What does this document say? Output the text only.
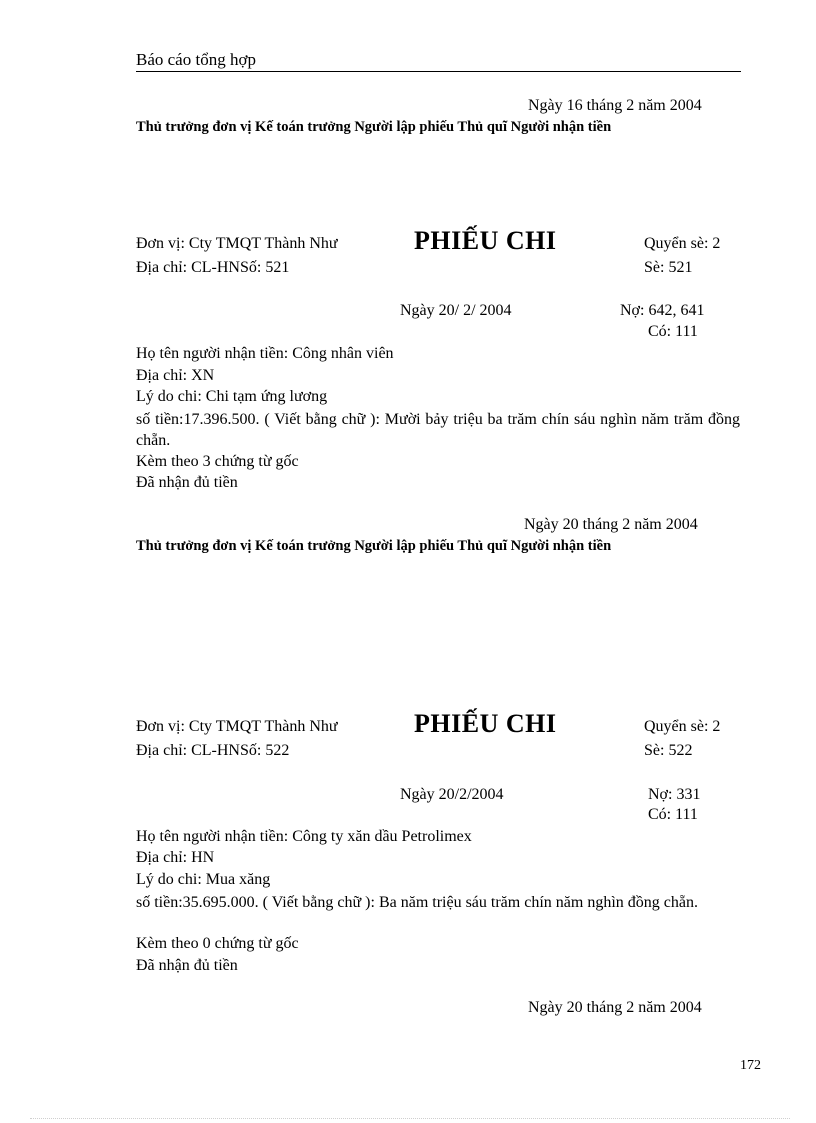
Báo cáo tổng hợp
Ngày 16 tháng 2 năm 2004
Thủ trưởng đơn vị Kế toán trưởng Người lập phiếu Thủ quĩ Người nhận tiền
Đơn vị: Cty TMQT Thành Như	PHIẾU CHI	Quyển sè: 2
Địa chỉ: CL-HNSố: 521	Sè: 521
Ngày 20/ 2/ 2004	Nợ: 642, 641
Có: 111
Họ tên người nhận tiền: Công nhân viên
Địa chỉ: XN
Lý do chi: Chi tạm ứng lương
số tiền:17.396.500. ( Viết bằng chữ ): Mười bảy triệu ba trăm chín sáu nghìn năm trăm đồng chẵn.
Kèm theo 3 chứng từ gốc
Đã nhận đủ tiền
Ngày 20 tháng 2 năm 2004
Thủ trưởng đơn vị Kế toán trưởng Người lập phiếu Thủ quĩ Người nhận tiền
Đơn vị: Cty TMQT Thành Như	PHIẾU CHI	Quyển sè: 2
Địa chỉ: CL-HNSố: 522	Sè: 522
Ngày 20/2/2004	Nợ: 331
Có: 111
Họ tên người nhận tiền: Công ty xăn dầu Petrolimex
Địa chỉ: HN
Lý do chi: Mua xăng
số tiền:35.695.000. ( Viết bằng chữ ): Ba năm triệu sáu trăm chín năm nghìn đồng chẵn.
Kèm theo 0 chứng từ gốc
Đã nhận đủ tiền
Ngày 20 tháng 2 năm 2004
172
